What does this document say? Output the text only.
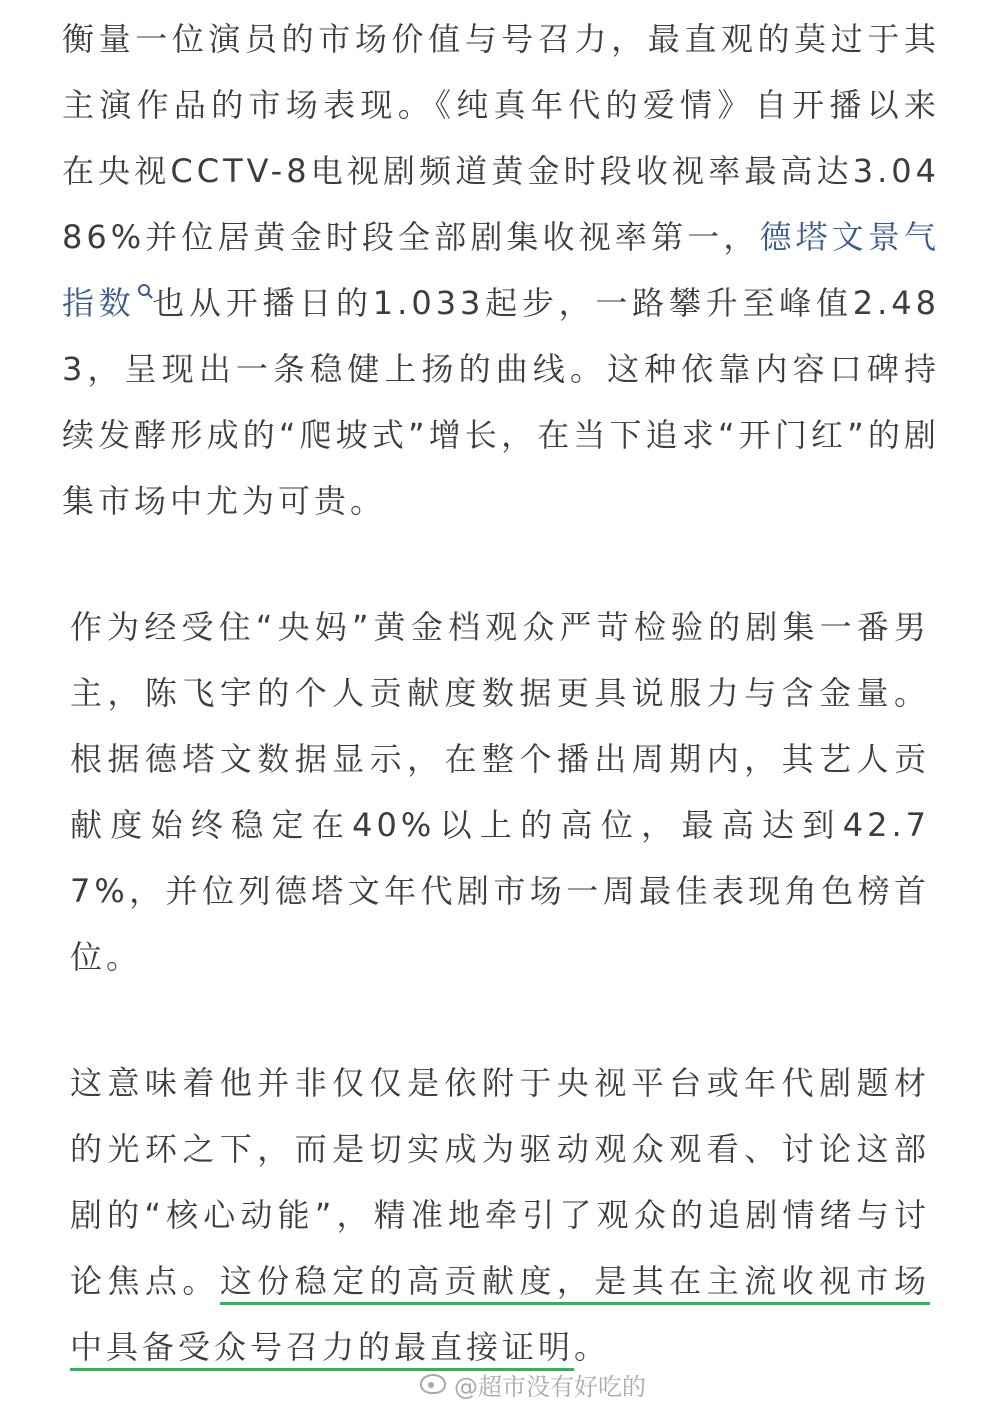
衡量一位演员的市场价值与号召力，最直观的莫过于其主演作品的市场表现。《纯真年代的爱情》自开播以来在央视CCTV-8电视剧频道黄金时段收视率最高达3.0486%并位居黄金时段全部剧集收视率第一，德塔文景气指数 也从开播日的1.033起步，一路攀升至峰值2.483，呈现出一条稳健上扬的曲线。这种依靠内容口碑持续发酵形成的“爬坡式”增长，在当下追求“开门红”的剧集市场中尤为可贵。

作为经受住“央妈”黄金档观众严苛检验的剧集一番男主，陈飞宇的个人贡献度数据更具说服力与含金量。根据德塔文数据显示，在整个播出周期内，其艺人贡献度始终稳定在40%以上的高位，最高达到42.77%，并位列德塔文年代剧市场一周最佳表现角色榜首位。

这意味着他并非仅仅是依附于央视平台或年代剧题材的光环之下，而是切实成为驱动观众观看、讨论这部剧的“核心动能”，精准地牵引了观众的追剧情绪与讨论焦点。这份稳定的高贡献度，是其在主流收视市场中具备受众号召力的最直接证明。

@超市没有好吃的
